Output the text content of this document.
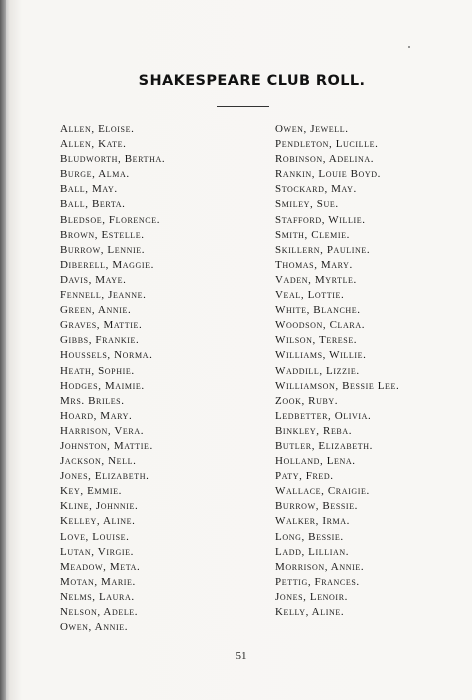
SHAKESPEARE CLUB ROLL.
Allen, Eloise.
Allen, Kate.
Bludworth, Bertha.
Burge, Alma.
Ball, May.
Ball, Berta.
Bledsoe, Florence.
Brown, Estelle.
Burrow, Lennie.
Diberell, Maggie.
Davis, Maye.
Fennell, Jeanne.
Green, Annie.
Graves, Mattie.
Gibbs, Frankie.
Houssels, Norma.
Heath, Sophie.
Hodges, Maimie.
Mrs. Briles.
Hoard, Mary.
Harrison, Vera.
Johnston, Mattie.
Jackson, Nell.
Jones, Elizabeth.
Key, Emmie.
Kline, Johnnie.
Kelley, Aline.
Love, Louise.
Lutan, Virgie.
Meadow, Meta.
Motan, Marie.
Nelms, Laura.
Nelson, Adele.
Owen, Annie.
Owen, Jewell.
Pendleton, Lucille.
Robinson, Adelina.
Rankin, Louie Boyd.
Stockard, May.
Smiley, Sue.
Stafford, Willie.
Smith, Clemie.
Skillern, Pauline.
Thomas, Mary.
Vaden, Myrtle.
Veal, Lottie.
White, Blanche.
Woodson, Clara.
Wilson, Terese.
Williams, Willie.
Waddill, Lizzie.
Williamson, Bessie Lee.
Zook, Ruby.
Ledbetter, Olivia.
Binkley, Reba.
Butler, Elizabeth.
Holland, Lena.
Paty, Fred.
Wallace, Craigie.
Burrow, Bessie.
Walker, Irma.
Long, Bessie.
Ladd, Lillian.
Morrison, Annie.
Pettig, Frances.
Jones, Lenoir.
Kelly, Aline.
51
